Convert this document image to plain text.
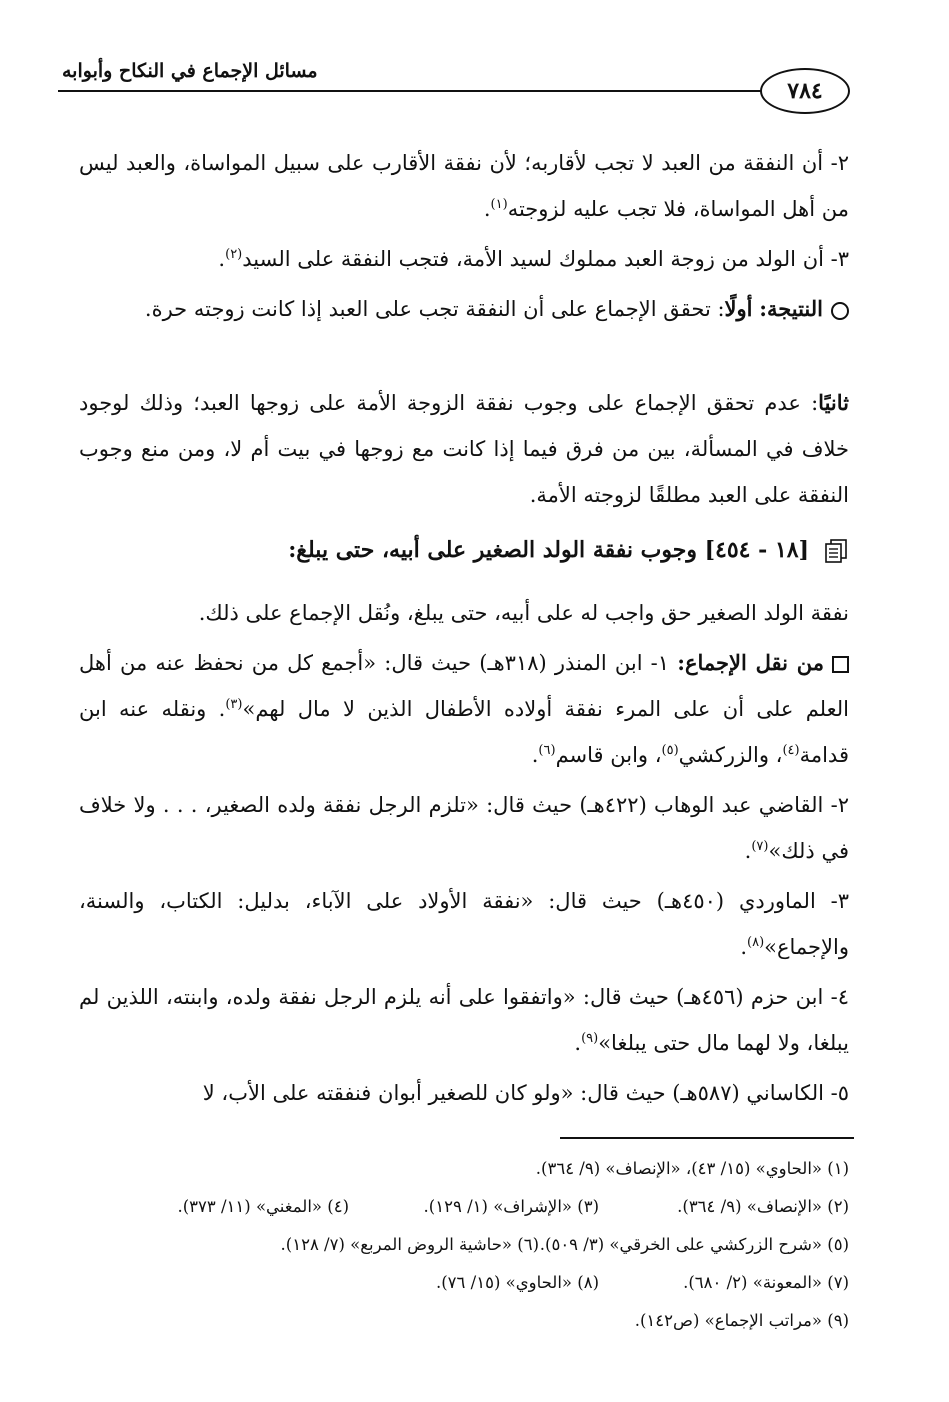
مسائل الإجماع في النكاح وأبوابه
٧٨٤

٢- أن النفقة من العبد لا تجب لأقاربه؛ لأن نفقة الأقارب على سبيل المواساة، والعبد ليس من أهل المواساة، فلا تجب عليه لزوجته$^{(١)}$.

٣- أن الولد من زوجة العبد مملوك لسيد الأمة، فتجب النفقة على السيد$^{(٢)}$.

النتيجة: أولًا: تحقق الإجماع على أن النفقة تجب على العبد إذا كانت زوجته حرة.

ثانيًا: عدم تحقق الإجماع على وجوب نفقة الزوجة الأمة على زوجها العبد؛ وذلك لوجود خلاف في المسألة، بين من فرق فيما إذا كانت مع زوجها في بيت أم لا، ومن منع وجوب النفقة على العبد مطلقًا لزوجته الأمة.

[١٨ - ٤٥٤] وجوب نفقة الولد الصغير على أبيه، حتى يبلغ:

نفقة الولد الصغير حق واجب له على أبيه، حتى يبلغ، ونُقل الإجماع على ذلك.

من نقل الإجماع: ١- ابن المنذر (٣١٨هـ) حيث قال: «أجمع كل من نحفظ عنه من أهل العلم على أن على المرء نفقة أولاده الأطفال الذين لا مال لهم»$^{(٣)}$. ونقله عنه ابن قدامة$^{(٤)}$، والزركشي$^{(٥)}$، وابن قاسم$^{(٦)}$.

٢- القاضي عبد الوهاب (٤٢٢هـ) حيث قال: «تلزم الرجل نفقة ولده الصغير، . . . ولا خلاف في ذلك»$^{(٧)}$.

٣- الماوردي (٤٥٠هـ) حيث قال: «نفقة الأولاد على الآباء، بدليل: الكتاب، والسنة، والإجماع»$^{(٨)}$.

٤- ابن حزم (٤٥٦هـ) حيث قال: «واتفقوا على أنه يلزم الرجل نفقة ولده، وابنته، اللذين لم يبلغا، ولا لهما مال حتى يبلغا»$^{(٩)}$.

٥- الكاساني (٥٨٧هـ) حيث قال: «ولو كان للصغير أبوان فنفقته على الأب، لا

(١) «الحاوي» (١٥/ ٤٣)، «الإنصاف» (٩/ ٣٦٤).
(٢) «الإنصاف» (٩/ ٣٦٤).(٣) «الإشراف» (١/ ١٢٩).(٤) «المغني» (١١/ ٣٧٣).
(٥) «شرح الزركشي على الخرقي» (٣/ ٥٠٩).(٦) «حاشية الروض المربع» (٧/ ١٢٨).
(٧) «المعونة» (٢/ ٦٨٠).(٨) «الحاوي» (١٥/ ٧٦).
(٩) «مراتب الإجماع» (ص١٤٢).
